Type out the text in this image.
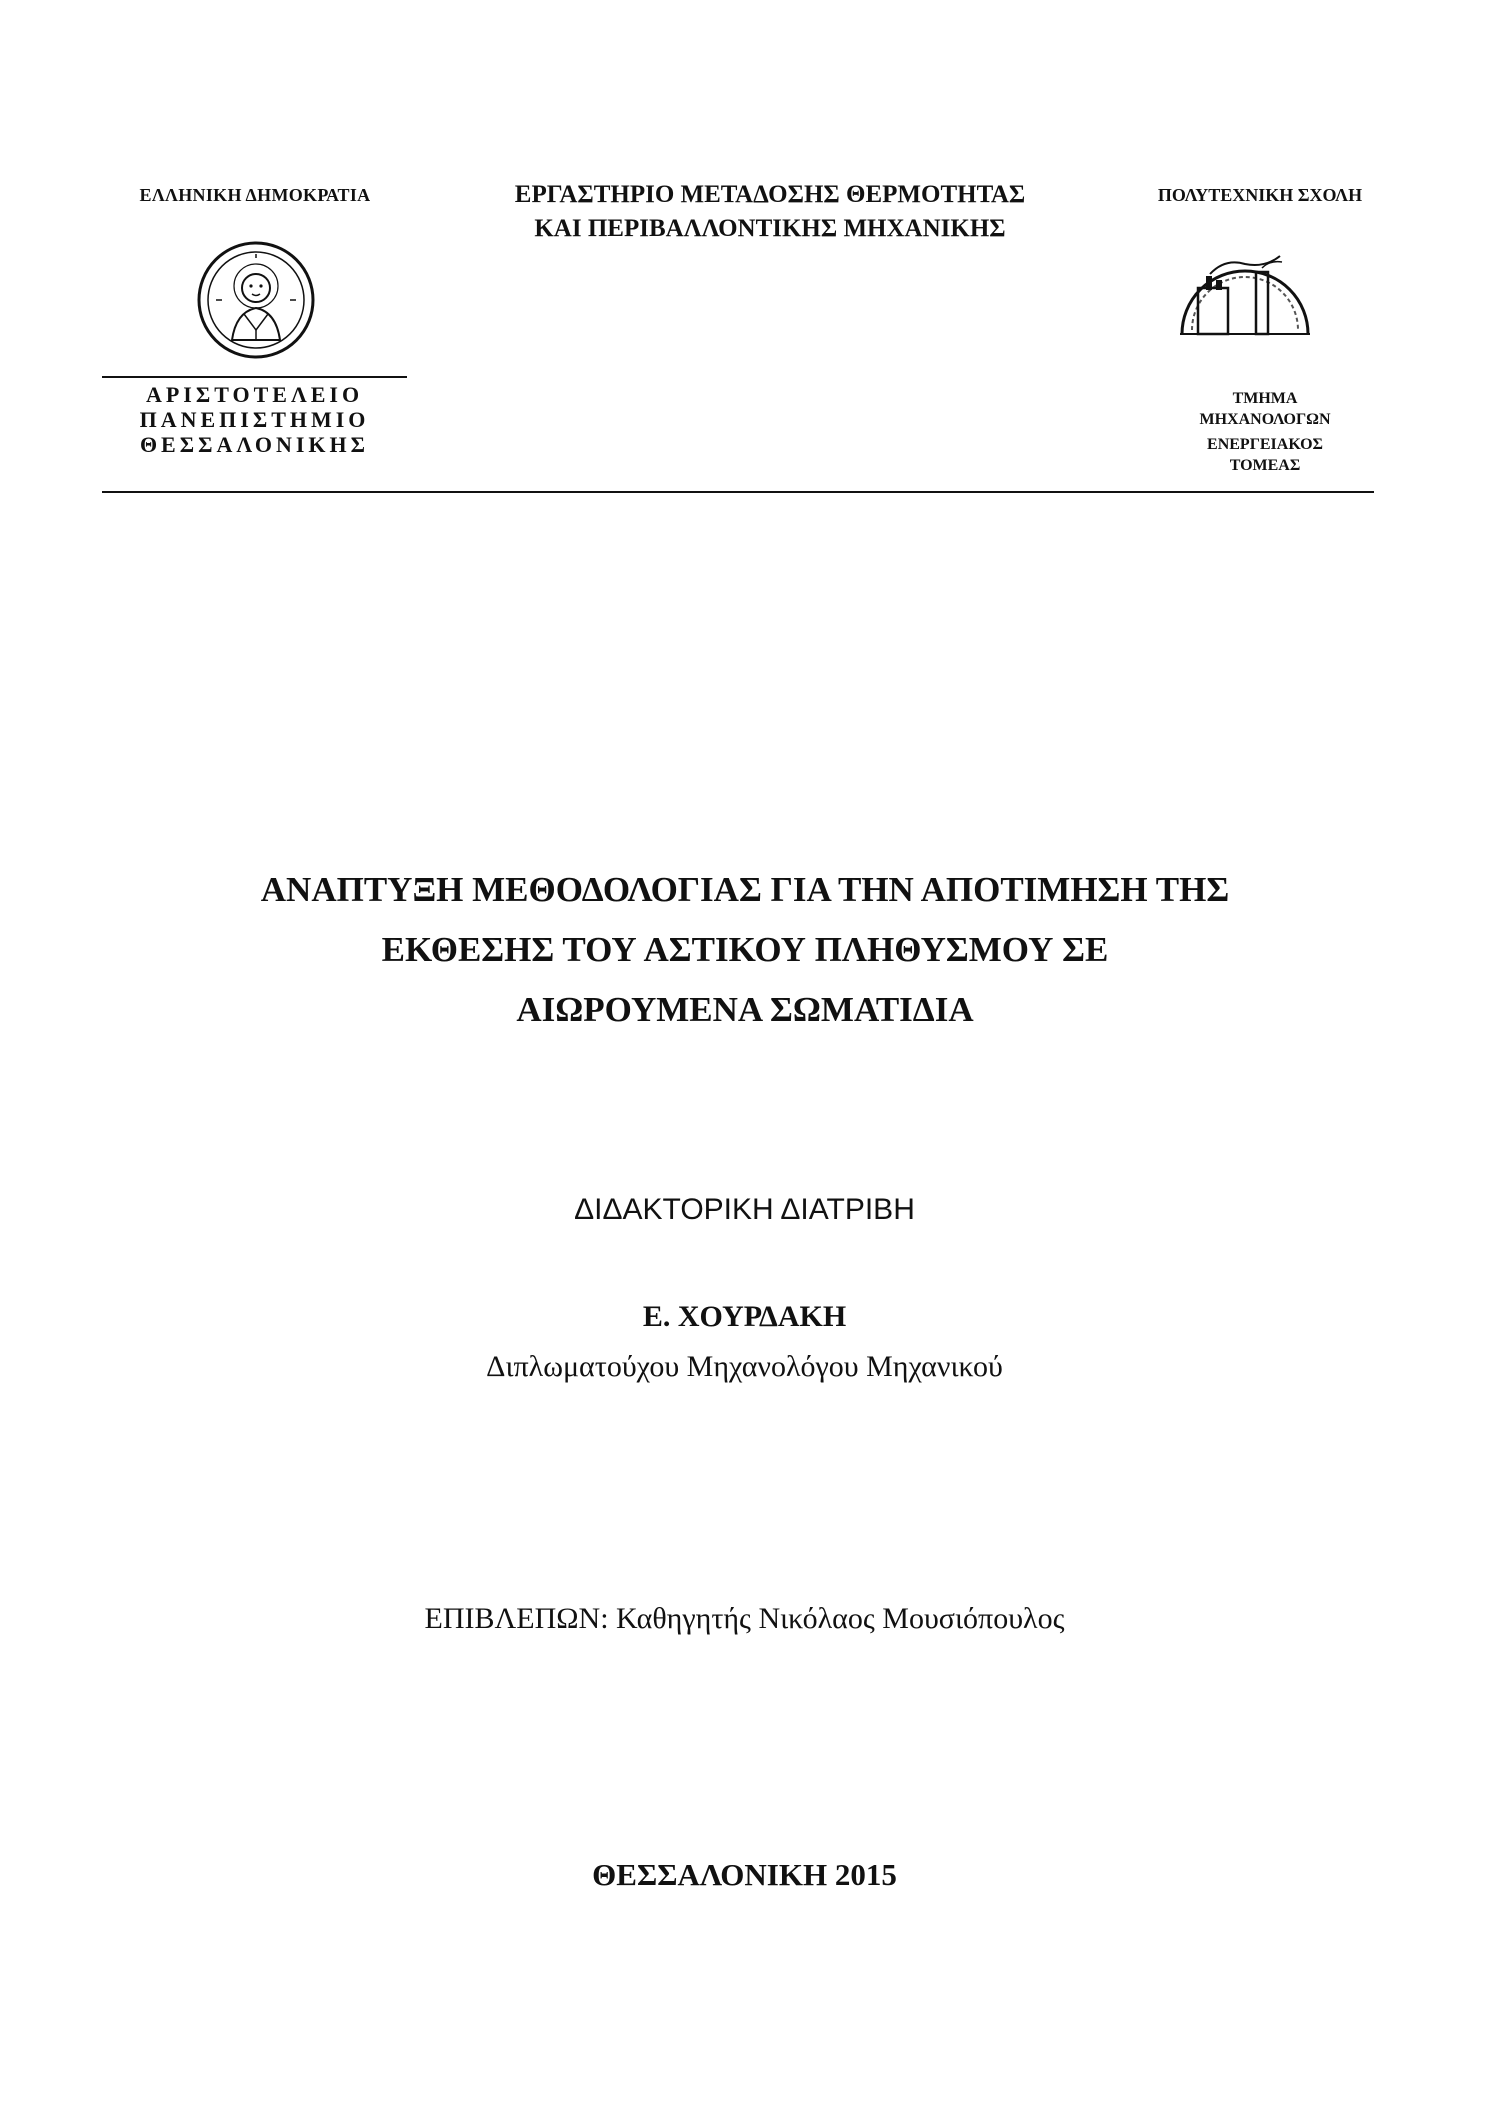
ΕΛΛΗΝΙΚΗ ΔΗΜΟΚΡΑΤΙΑ	ΕΡΓΑΣΤΗΡΙΟ ΜΕΤΑΔΟΣΗΣ ΘΕΡΜΟΤΗΤΑΣ
ΚΑΙ ΠΕΡΙΒΑΛΛΟΝΤΙΚΗΣ ΜΗΧΑΝΙΚΗΣ
ΠΟΛΥΤΕΧΝΙΚΗ ΣΧΟΛΗ
ΑΡΙΣΤΟΤΕΛΕΙΟ
ΠΑΝΕΠΙΣΤΗΜΙΟ
ΘΕΣΣΑΛΟΝΙΚΗΣ
ΤΜΗΜΑ
ΜΗΧΑΝΟΛΟΓΩΝ
ΕΝΕΡΓΕΙΑΚΟΣ
ΤΟΜΕΑΣ
ΑΝΑΠΤΥΞΗ ΜΕΘΟΔΟΛΟΓΙΑΣ ΓΙΑ ΤΗΝ ΑΠΟΤΙΜΗΣΗ ΤΗΣ
ΕΚΘΕΣΗΣ ΤΟΥ ΑΣΤΙΚΟΥ ΠΛΗΘΥΣΜΟΥ ΣΕ
ΑΙΩΡΟΥΜΕΝΑ ΣΩΜΑΤΙΔΙΑ
ΔΙΔΑΚΤΟΡΙΚΗ ΔΙΑΤΡΙΒΗ
Ε. ΧΟΥΡΔΑΚΗ
Διπλωματούχου Μηχανολόγου Μηχανικού
ΕΠΙΒΛΕΠΩΝ: Καθηγητής Νικόλαος Μουσιόπουλος
ΘΕΣΣΑΛΟΝΙΚΗ 2015
